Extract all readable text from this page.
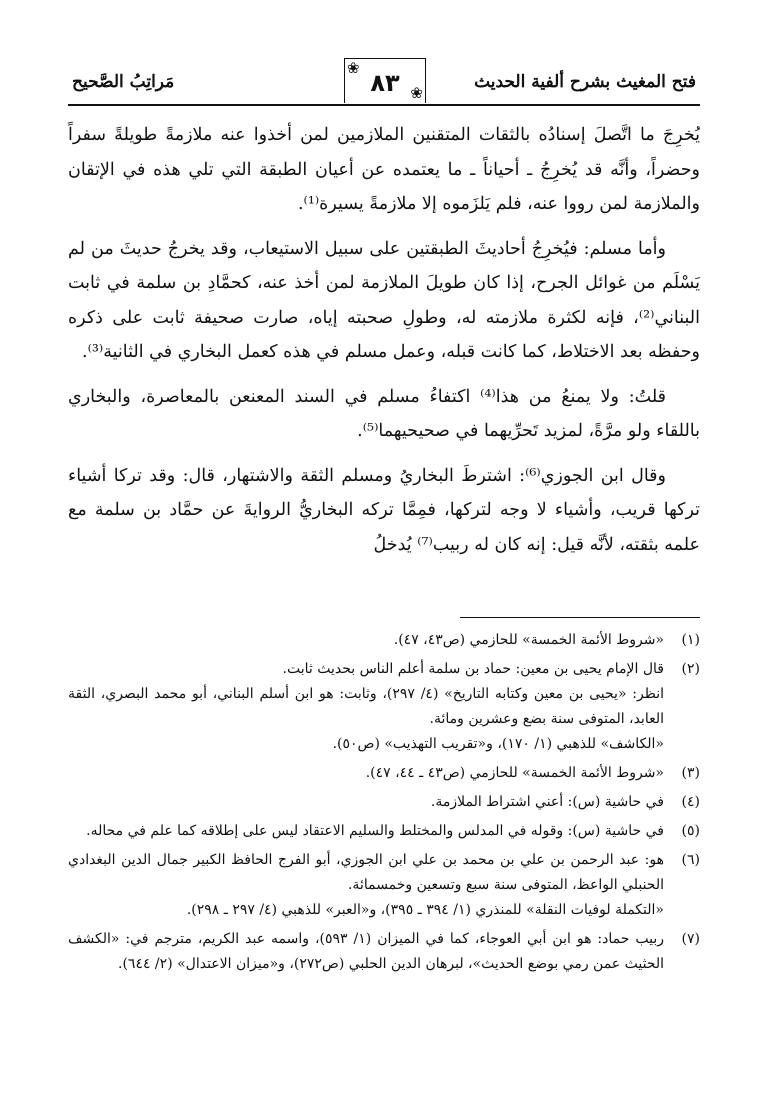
فتح المغيث بشرح ألفية الحديث
❀
٨٣ ❀
مَراتِبُ الصَّحيح

يُخرِجَ ما اتَّصلَ إسنادُه بالثقات المتقنين الملازمين لمن أخذوا عنه ملازمةً طويلةً سفراً وحضراً، وأنَّه قد يُخرِجُ ـ أحياناً ـ ما يعتمده عن أعيان الطبقة التي تلي هذه في الإتقان والملازمة لمن رووا عنه، فلم يَلزَموه إلا ملازمةً يسيرة⁽¹⁾.

وأما مسلم: فيُخرِجُ أحاديثَ الطبقتين على سبيل الاستيعاب، وقد يخرجُ حديثَ من لم يَسْلَم من غوائل الجرح، إذا كان طويلَ الملازمة لمن أخذ عنه، كحمَّادِ بن سلمة في ثابت البناني⁽²⁾، فإنه لكثرة ملازمته له، وطولِ صحبته إياه، صارت صحيفة ثابت على ذكره وحفظه بعد الاختلاط، كما كانت قبله، وعمل مسلم في هذه كعمل البخاري في الثانية⁽³⁾.

قلتُ: ولا يمنعُ من هذا⁽⁴⁾ اكتفاءُ مسلم في السند المعنعن بالمعاصرة، والبخاري باللقاء ولو مرَّةً، لمزيد تَحرِّيهما في صحيحيهما⁽⁵⁾.

وقال ابن الجوزي⁽⁶⁾: اشترطَ البخاريُ ومسلم الثقة والاشتهار، قال: وقد تركا أشياء تركها قريب، وأشياء لا وجه لتركها، فمِمَّا تركه البخاريُّ الروايةَ عن حمَّاد بن سلمة مع علمه بثقته، لأنَّه قيل: إنه كان له ربيب⁽⁷⁾ يُدخلُ

(١)
«شروط الأئمة الخمسة» للحازمي (ص٤٣، ٤٧).
(٢)
قال الإمام يحيى بن معين: حماد بن سلمة أعلم الناس بحديث ثابت.
انظر: «يحيى بن معين وكتابه التاريخ» (٤/ ٢٩٧)، وثابت: هو ابن أسلم البناني، أبو محمد البصري، الثقة العابد، المتوفى سنة بضع وعشرين ومائة.
«الكاشف» للذهبي (١/ ١٧٠)، و«تقريب التهذيب» (ص٥٠).
(٣)
«شروط الأئمة الخمسة» للحازمي (ص٤٣ ـ ٤٤، ٤٧).
(٤)
في حاشية (س): أعني اشتراط الملازمة.
(٥)
في حاشية (س): وقوله في المدلس والمختلط والسليم الاعتقاد ليس على إطلاقه كما علم في محاله.
(٦)
هو: عبد الرحمن بن علي بن محمد بن علي ابن الجوزي، أبو الفرج الحافظ الكبير جمال الدين البغدادي الحنبلي الواعظ، المتوفى سنة سبع وتسعين وخمسمائة.
«التكملة لوفيات النقلة» للمنذري (١/ ٣٩٤ ـ ٣٩٥)، و«العبر» للذهبي (٤/ ٢٩٧ ـ ٢٩٨).
(٧)
ربيب حماد: هو ابن أبي العوجاء، كما في الميزان (١/ ٥٩٣)، واسمه عبد الكريم، مترجم في: «الكشف الحثيث عمن رمي بوضع الحديث»، لبرهان الدين الحلبي (ص٢٧٢)، و«ميزان الاعتدال» (٢/ ٦٤٤).
